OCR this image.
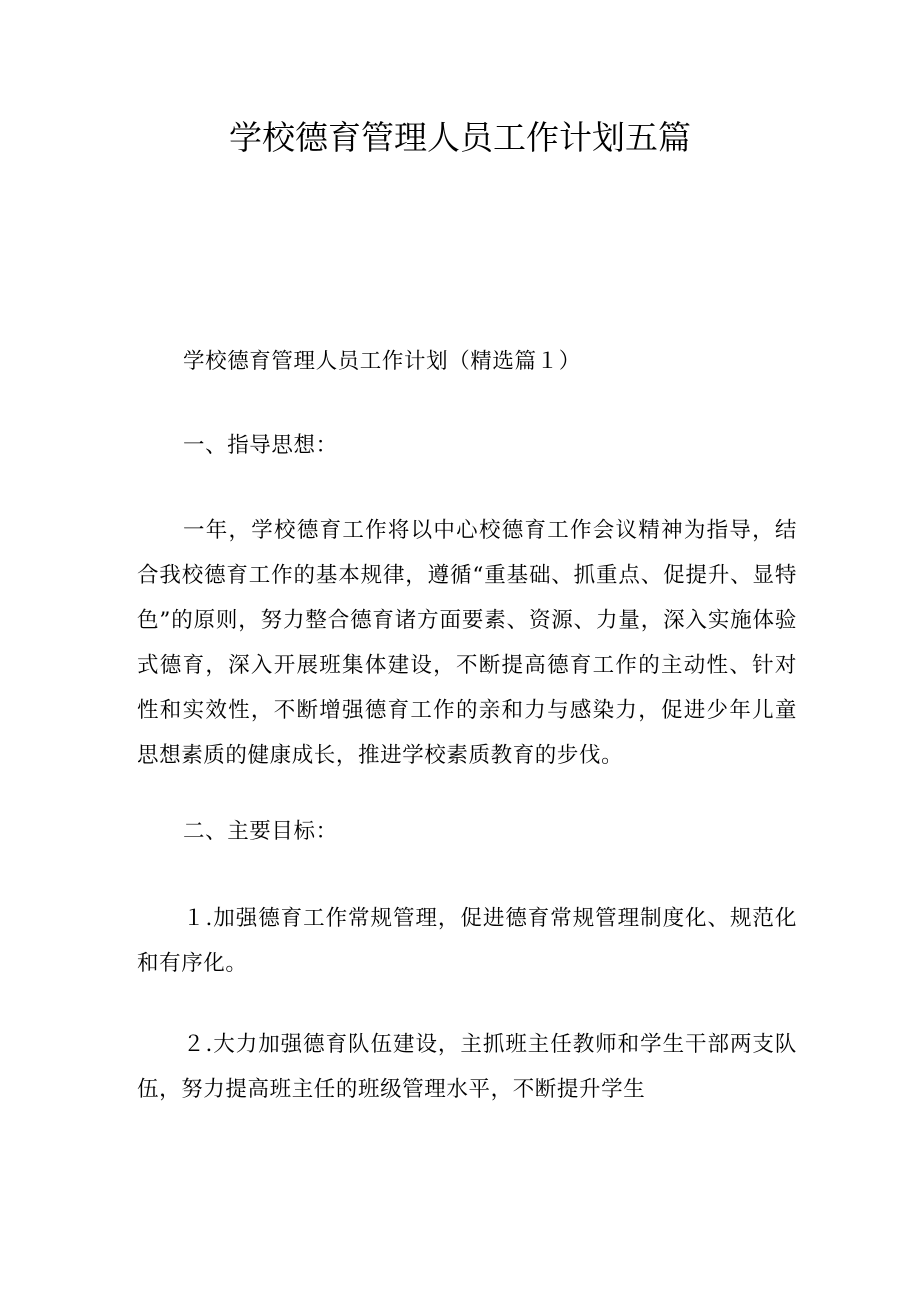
学校德育管理人员工作计划五篇

学校德育管理人员工作计划（精选篇１）

一、指导思想：

一年，学校德育工作将以中心校德育工作会议精神为指导，结合我校德育工作的基本规律，遵循“重基础、抓重点、促提升、显特色”的原则，努力整合德育诸方面要素、资源、力量，深入实施体验式德育，深入开展班集体建设，不断提高德育工作的主动性、针对性和实效性，不断增强德育工作的亲和力与感染力，促进少年儿童思想素质的健康成长，推进学校素质教育的步伐。

二、主要目标：

１.加强德育工作常规管理，促进德育常规管理制度化、规范化和有序化。

２.大力加强德育队伍建设，主抓班主任教师和学生干部两支队伍，努力提高班主任的班级管理水平，不断提升学生
